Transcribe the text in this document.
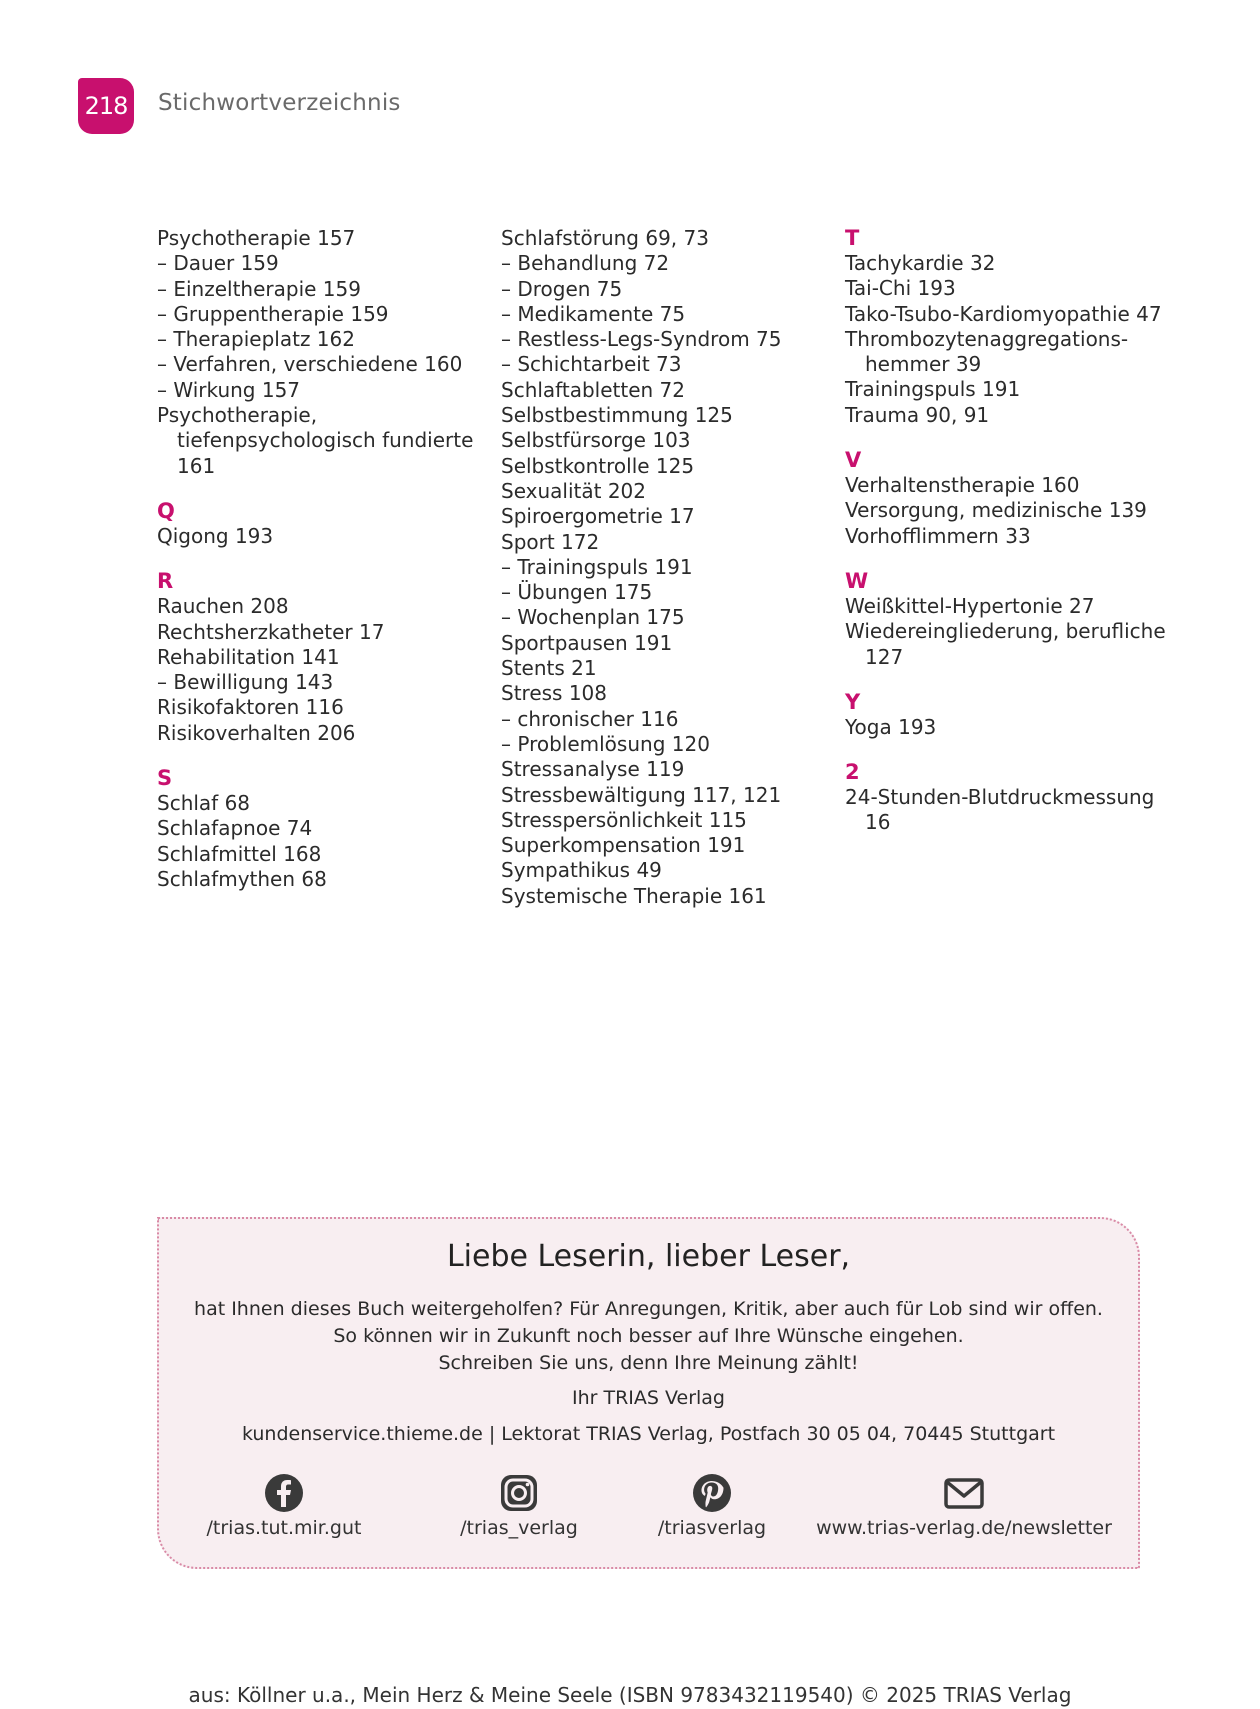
218 Stichwortverzeichnis
Psychotherapie 157
– Dauer 159
– Einzeltherapie 159
– Gruppentherapie 159
– Therapieplatz 162
– Verfahren, verschiedene 160
– Wirkung 157
Psychotherapie,
tiefenpsychologisch fundierte
161
Q
Qigong 193
R
Rauchen 208
Rechtsherzkatheter 17
Rehabilitation 141
– Bewilligung 143
Risikofaktoren 116
Risikoverhalten 206
S
Schlaf 68
Schlafapnoe 74
Schlafmittel 168
Schlafmythen 68
Schlafstörung 69, 73
– Behandlung 72
– Drogen 75
– Medikamente 75
– Restless-Legs-Syndrom 75
– Schichtarbeit 73
Schlaftabletten 72
Selbstbestimmung 125
Selbstfürsorge 103
Selbstkontrolle 125
Sexualität 202
Spiroergometrie 17
Sport 172
– Trainingspuls 191
– Übungen 175
– Wochenplan 175
Sportpausen 191
Stents 21
Stress 108
– chronischer 116
– Problemlösung 120
Stressanalyse 119
Stressbewältigung 117, 121
Stresspersönlichkeit 115
Superkompensation 191
Sympathikus 49
Systemische Therapie 161
T
Tachykardie 32
Tai-Chi 193
Tako-Tsubo-Kardiomyopathie 47
Thrombozytenaggregations-
hemmer 39
Trainingspuls 191
Trauma 90, 91
V
Verhaltenstherapie 160
Versorgung, medizinische 139
Vorhofflimmern 33
W
Weißkittel-Hypertonie 27
Wiedereingliederung, berufliche
127
Y
Yoga 193
2
24-Stunden-Blutdruckmessung
16
Liebe Leserin, lieber Leser,
hat Ihnen dieses Buch weitergeholfen? Für Anregungen, Kritik, aber auch für Lob sind wir offen.
So können wir in Zukunft noch besser auf Ihre Wünsche eingehen.
Schreiben Sie uns, denn Ihre Meinung zählt!
Ihr TRIAS Verlag
kundenservice.thieme.de | Lektorat TRIAS Verlag, Postfach 30 05 04, 70445 Stuttgart
/trias.tut.mir.gut	/trias_verlag	/triasverlag	www.trias-verlag.de/newsletter
aus: Köllner u.a., Mein Herz & Meine Seele (ISBN 9783432119540) © 2025 TRIAS Verlag
